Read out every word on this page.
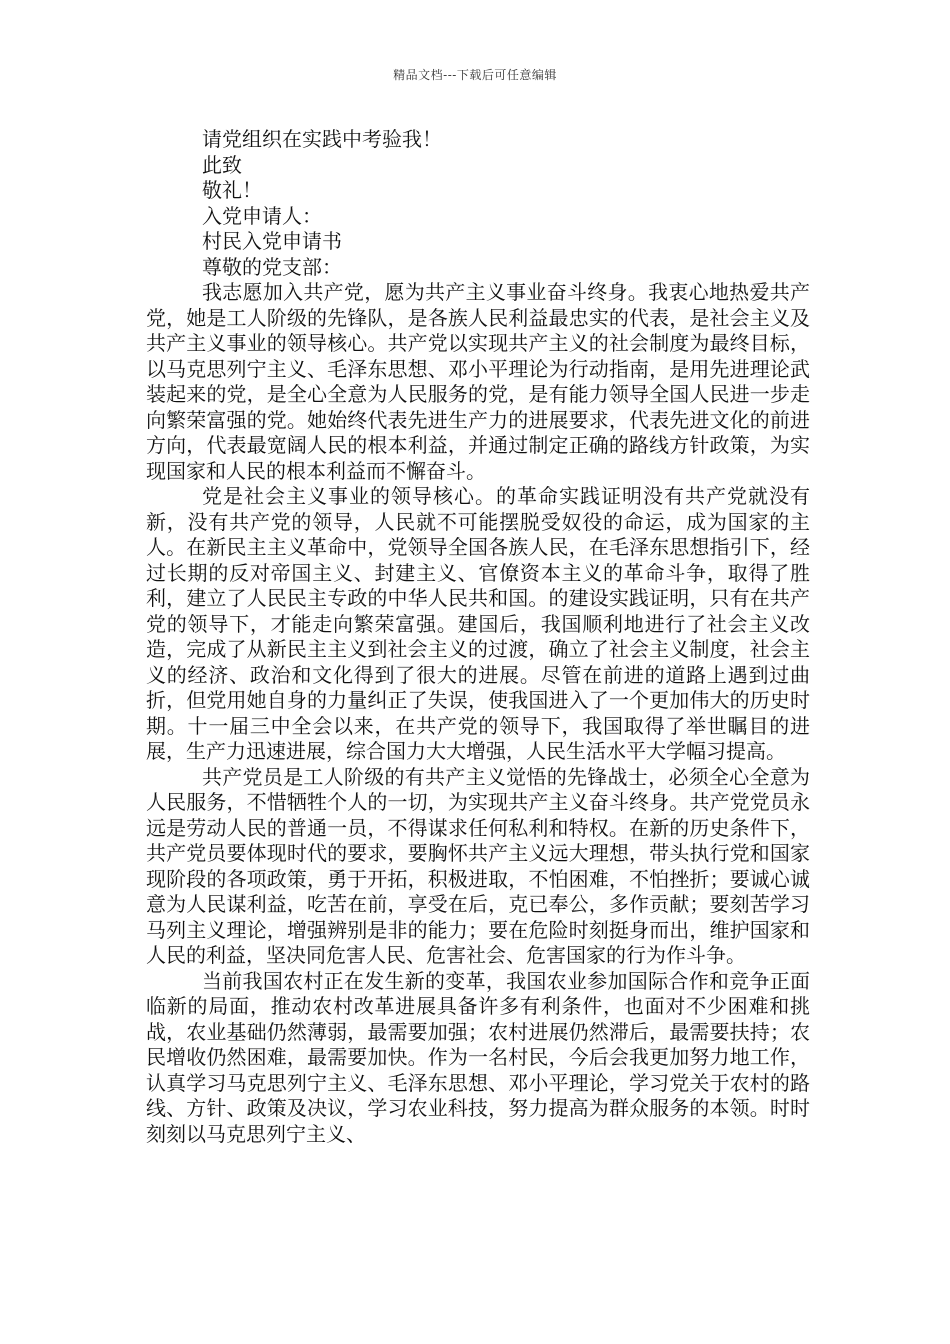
精品文档---下载后可任意编辑
请党组织在实践中考验我！
此致
敬礼！
入党申请人：
村民入党申请书
尊敬的党支部：

我志愿加入共产党，愿为共产主义事业奋斗终身。我衷心地热爱共产党，她是工人阶级的先锋队，是各族人民利益最忠实的代表，是社会主义及共产主义事业的领导核心。共产党以实现共产主义的社会制度为最终目标，以马克思列宁主义、毛泽东思想、邓小平理论为行动指南，是用先进理论武装起来的党，是全心全意为人民服务的党，是有能力领导全国人民进一步走向繁荣富强的党。她始终代表先进生产力的进展要求，代表先进文化的前进方向，代表最宽阔人民的根本利益，并通过制定正确的路线方针政策，为实现国家和人民的根本利益而不懈奋斗。

党是社会主义事业的领导核心。的革命实践证明没有共产党就没有新，没有共产党的领导，人民就不可能摆脱受奴役的命运，成为国家的主人。在新民主主义革命中，党领导全国各族人民，在毛泽东思想指引下，经过长期的反对帝国主义、封建主义、官僚资本主义的革命斗争，取得了胜利，建立了人民民主专政的中华人民共和国。的建设实践证明，只有在共产党的领导下，才能走向繁荣富强。建国后，我国顺利地进行了社会主义改造，完成了从新民主主义到社会主义的过渡，确立了社会主义制度，社会主义的经济、政治和文化得到了很大的进展。尽管在前进的道路上遇到过曲折，但党用她自身的力量纠正了失误，使我国进入了一个更加伟大的历史时期。十一届三中全会以来，在共产党的领导下，我国取得了举世瞩目的进展，生产力迅速进展，综合国力大大增强，人民生活水平大学幅习提高。

共产党员是工人阶级的有共产主义觉悟的先锋战士，必须全心全意为人民服务，不惜牺牲个人的一切，为实现共产主义奋斗终身。共产党党员永远是劳动人民的普通一员，不得谋求任何私利和特权。在新的历史条件下，共产党员要体现时代的要求，要胸怀共产主义远大理想，带头执行党和国家现阶段的各项政策，勇于开拓，积极进取，不怕困难，不怕挫折；要诚心诚意为人民谋利益，吃苦在前，享受在后，克已奉公，多作贡献；要刻苦学习马列主义理论，增强辨别是非的能力；要在危险时刻挺身而出，维护国家和人民的利益，坚决同危害人民、危害社会、危害国家的行为作斗争。

当前我国农村正在发生新的变革，我国农业参加国际合作和竞争正面临新的局面，推动农村改革进展具备许多有利条件，也面对不少困难和挑战，农业基础仍然薄弱，最需要加强；农村进展仍然滞后，最需要扶持；农民增收仍然困难，最需要加快。作为一名村民，今后会我更加努力地工作，认真学习马克思列宁主义、毛泽东思想、邓小平理论，学习党关于农村的路线、方针、政策及决议，学习农业科技，努力提高为群众服务的本领。时时刻刻以马克思列宁主义、
